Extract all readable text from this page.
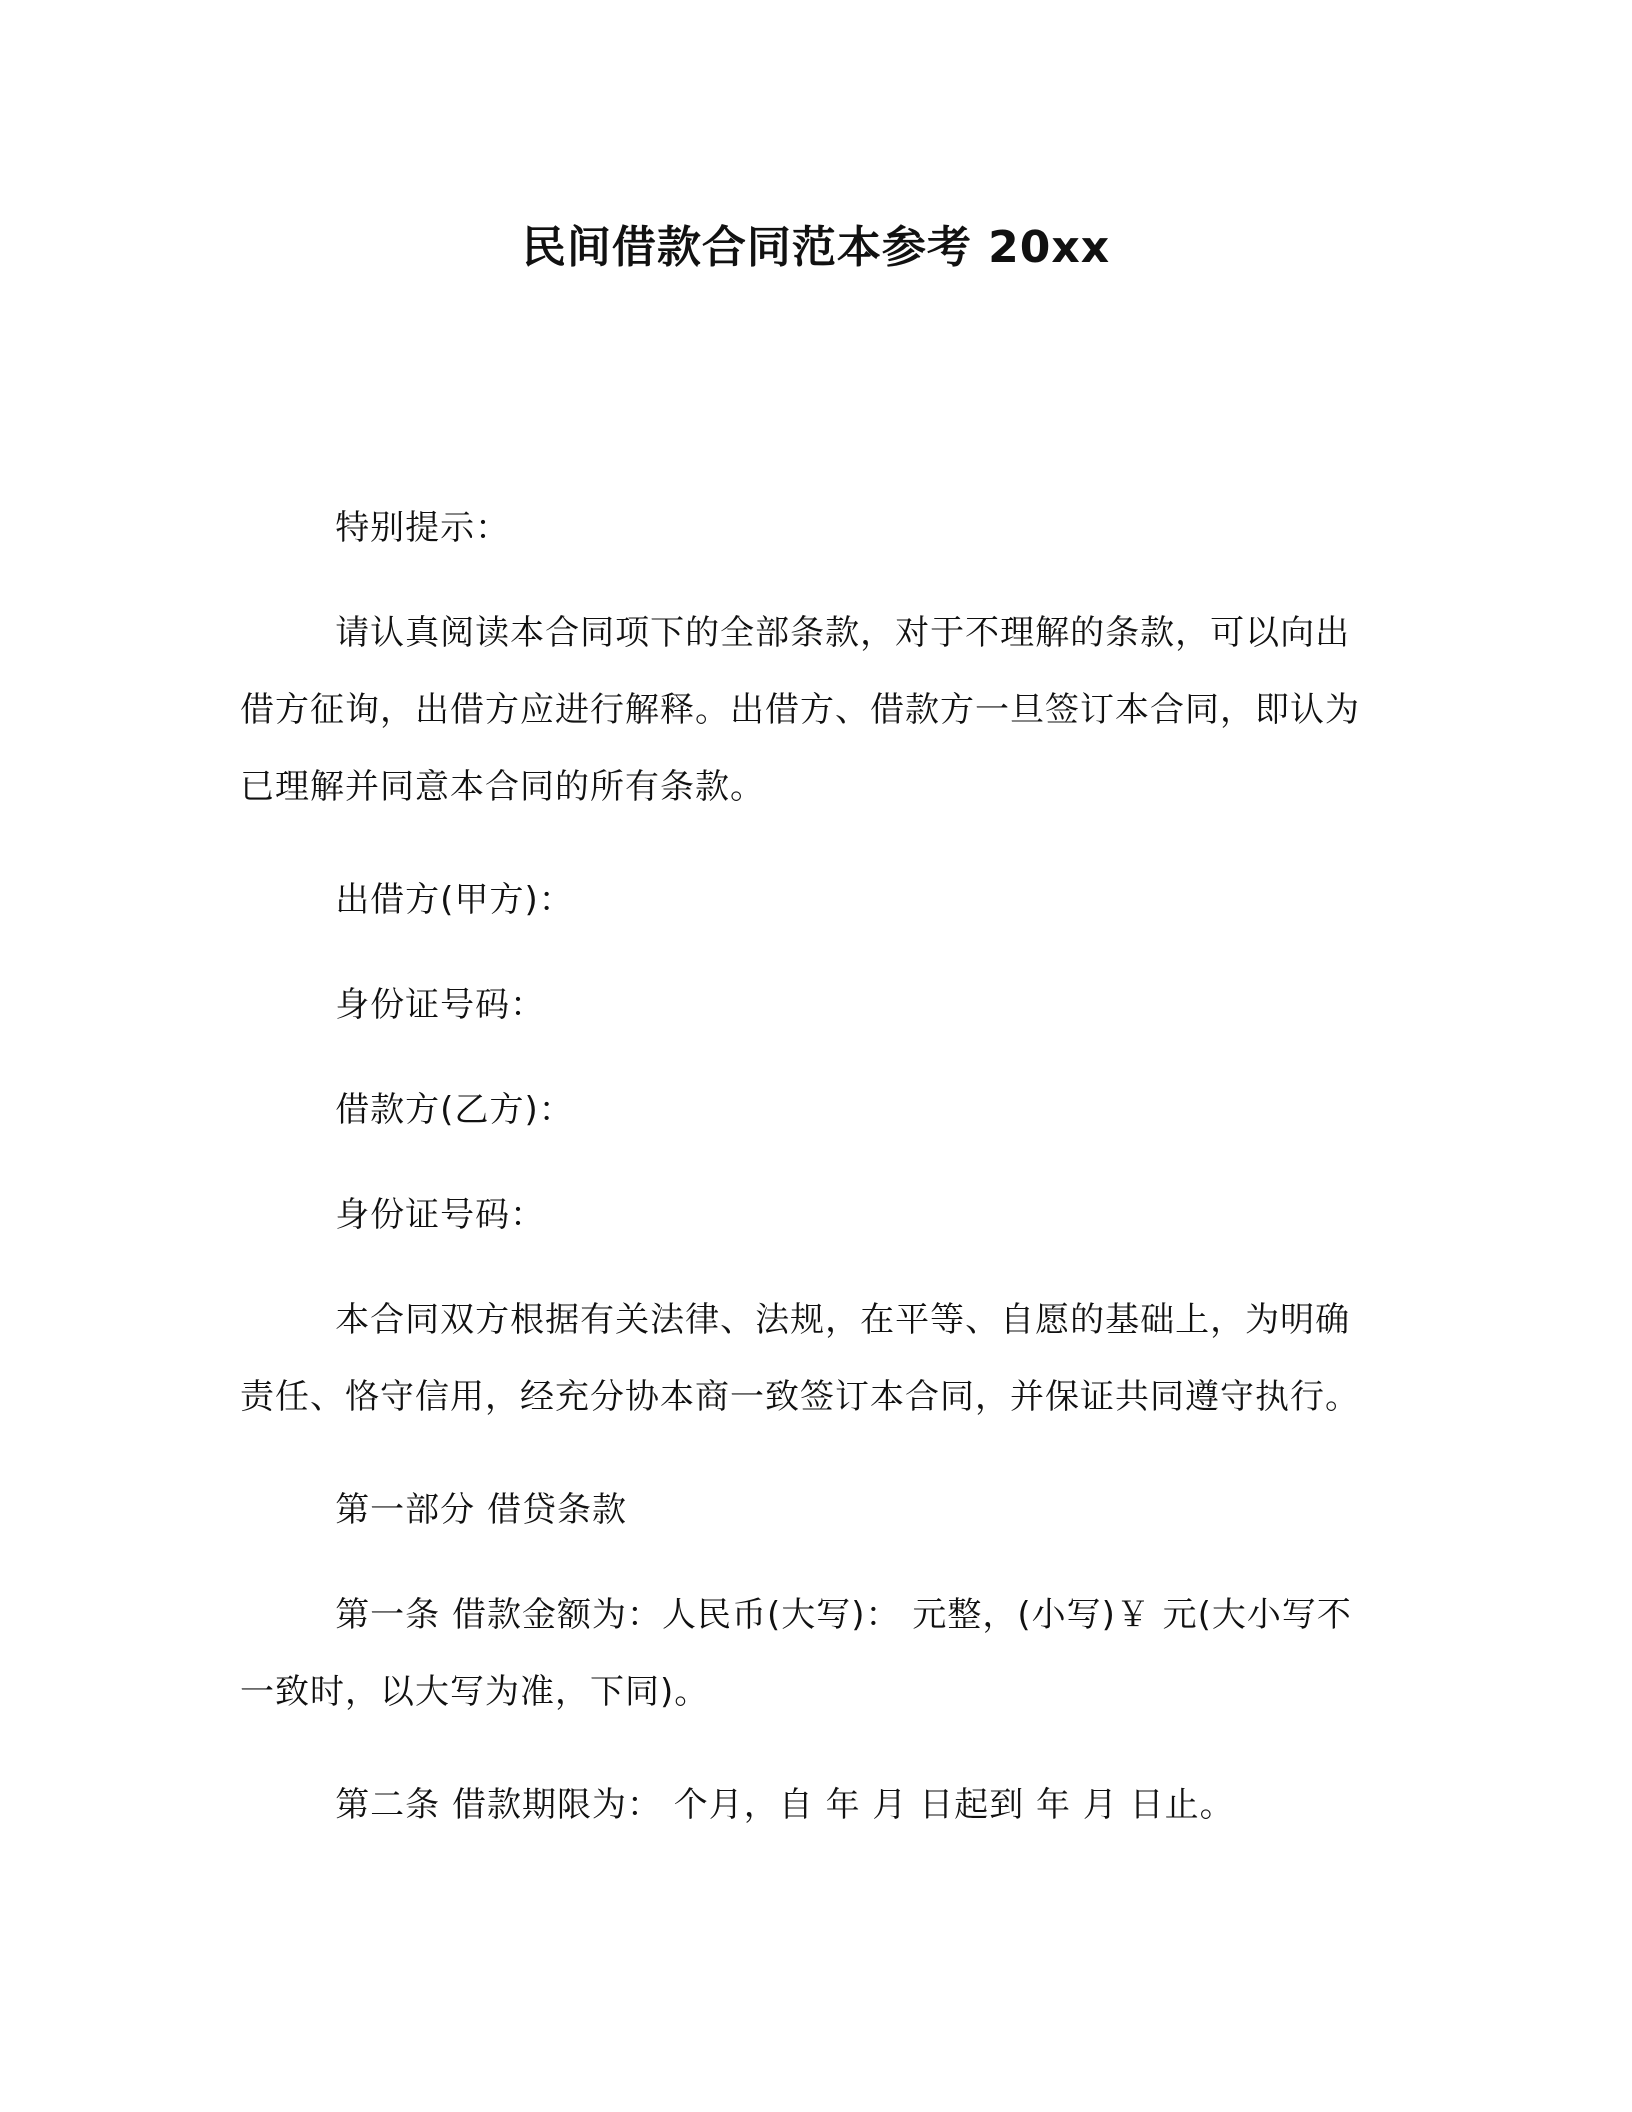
民间借款合同范本参考 20xx

特别提示：

请认真阅读本合同项下的全部条款，对于不理解的条款，可以向出借方征询，出借方应进行解释。出借方、借款方一旦签订本合同，即认为已理解并同意本合同的所有条款。

出借方(甲方)：

身份证号码：

借款方(乙方)：

身份证号码：

本合同双方根据有关法律、法规，在平等、自愿的基础上，为明确责任、恪守信用，经充分协本商一致签订本合同，并保证共同遵守执行。

第一部分 借贷条款

第一条 借款金额为：人民币(大写)： 元整，(小写)￥ 元(大小写不一致时，以大写为准，下同)。

第二条 借款期限为： 个月，自 年 月 日起到 年 月 日止。
